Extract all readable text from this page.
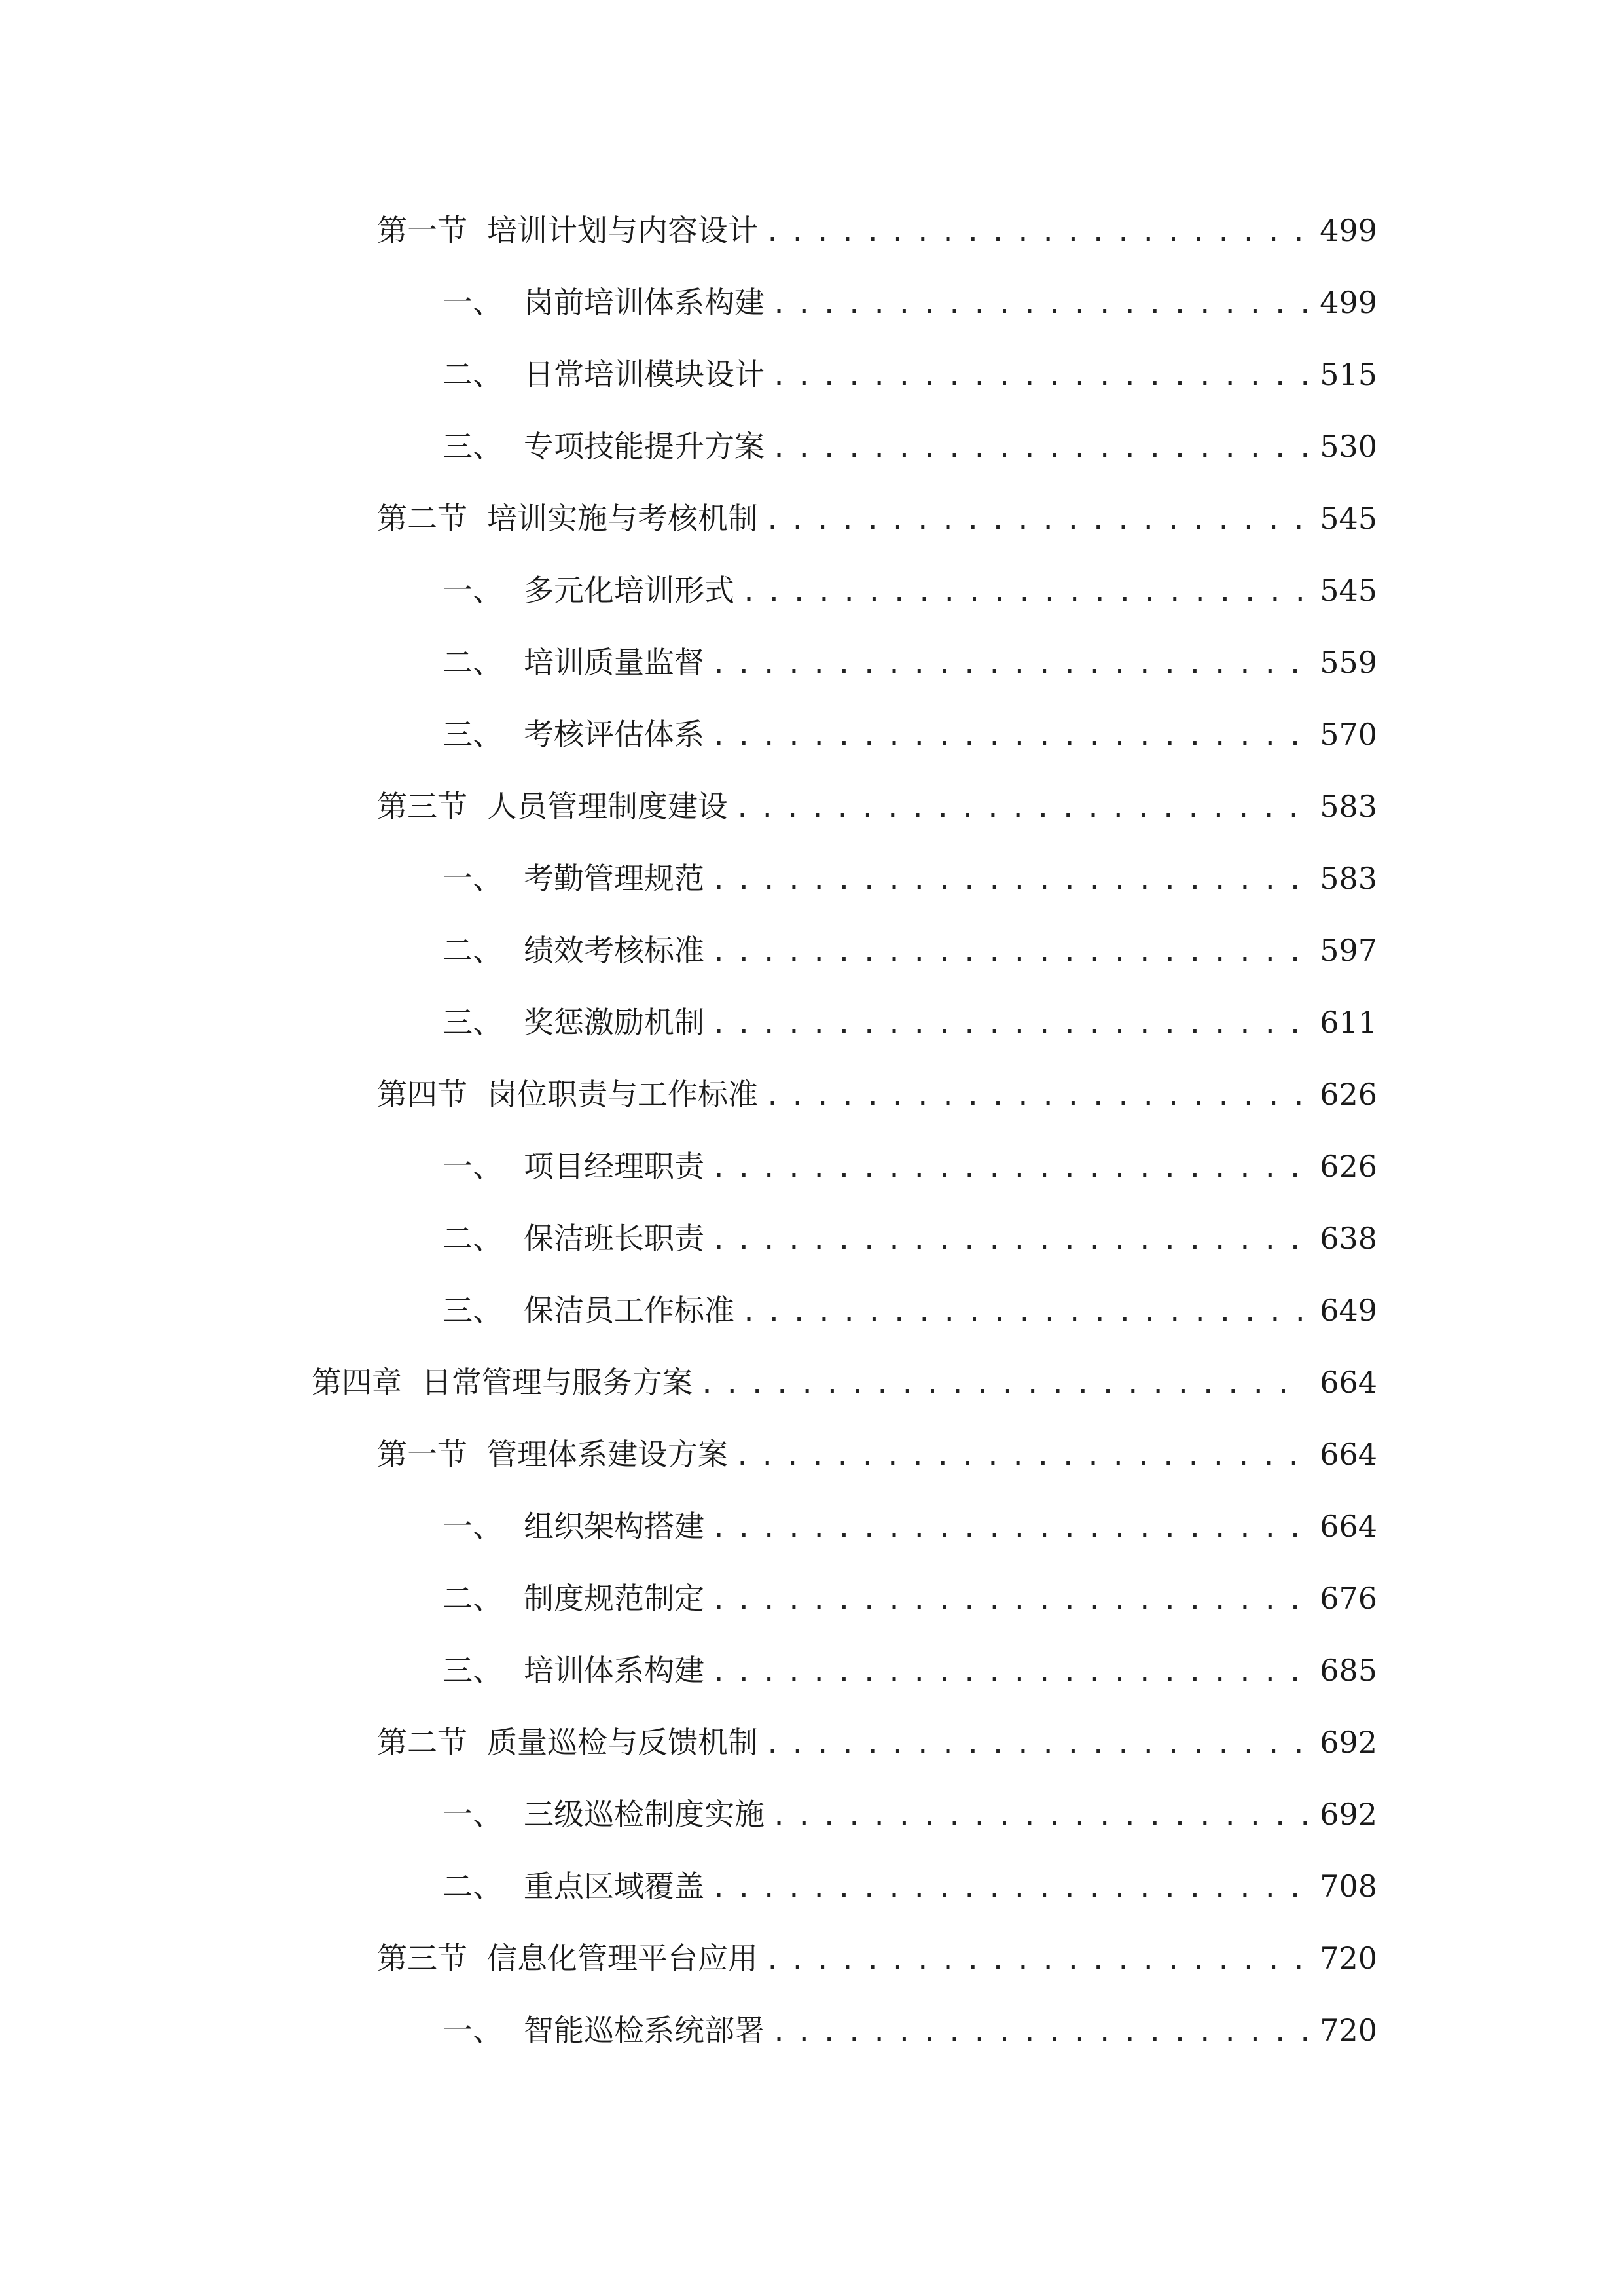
第一节 培训计划与内容设计 .....	499
一、 岗前培训体系构建 .....	499
二、 日常培训模块设计 .....	515
三、 专项技能提升方案 .....	530
第二节 培训实施与考核机制 .....	545
一、 多元化培训形式 .....	545
二、 培训质量监督 .....	559
三、 考核评估体系 .....	570
第三节 人员管理制度建设 .....	583
一、 考勤管理规范 .....	583
二、 绩效考核标准 .....	597
三、 奖惩激励机制 .....	611
第四节 岗位职责与工作标准 .....	626
一、 项目经理职责 .....	626
二、 保洁班长职责 .....	638
三、 保洁员工作标准 .....	649
第四章 日常管理与服务方案 .....	664
第一节 管理体系建设方案 .....	664
一、 组织架构搭建 .....	664
二、 制度规范制定 .....	676
三、 培训体系构建 .....	685
第二节 质量巡检与反馈机制 .....	692
一、 三级巡检制度实施 .....	692
二、 重点区域覆盖 .....	708
第三节 信息化管理平台应用 .....	720
一、 智能巡检系统部署 .....	720
